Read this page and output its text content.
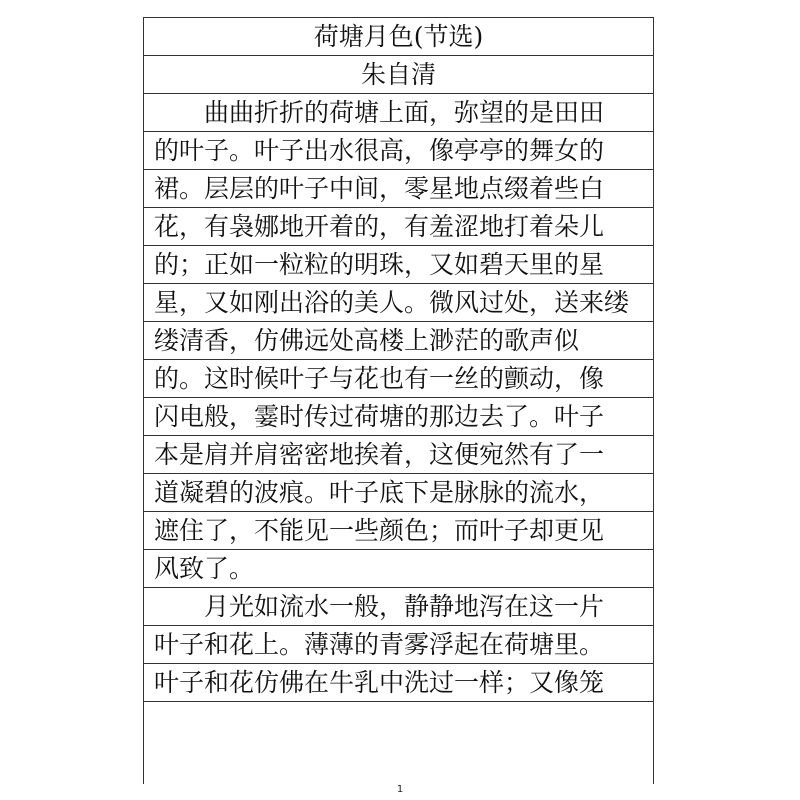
荷塘月色(节选)
朱自清
曲曲折折的荷塘上面，弥望的是田田
的叶子。叶子出水很高，像亭亭的舞女的
裙。层层的叶子中间，零星地点缀着些白
花，有袅娜地开着的，有羞涩地打着朵儿
的；正如一粒粒的明珠，又如碧天里的星
星，又如刚出浴的美人。微风过处，送来缕
缕清香，仿佛远处高楼上渺茫的歌声似
的。这时候叶子与花也有一丝的颤动，像
闪电般，霎时传过荷塘的那边去了。叶子
本是肩并肩密密地挨着，这便宛然有了一
道凝碧的波痕。叶子底下是脉脉的流水，
遮住了，不能见一些颜色；而叶子却更见
风致了。
月光如流水一般，静静地泻在这一片
叶子和花上。薄薄的青雾浮起在荷塘里。
叶子和花仿佛在牛乳中洗过一样；又像笼
1
